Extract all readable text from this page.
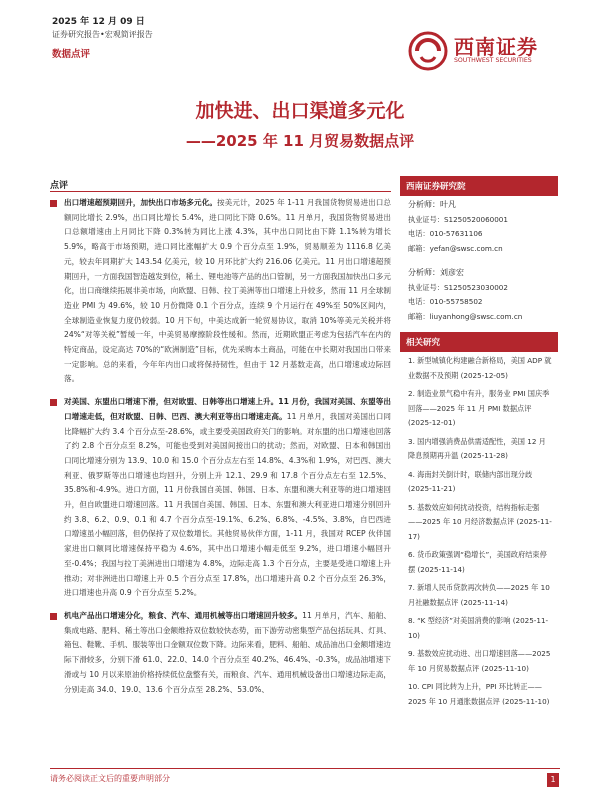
2025 年 12 月 09 日
证券研究报告•宏观简评报告
数据点评	西南证券
SOUTHWEST SECURITIES
加快进、出口渠道多元化
——2025 年 11 月贸易数据点评
点评
出口增速超预期回升，加快出口市场多元化。按美元计，2025 年 1-11 月我国货物贸易进出口总额同比增长 2.9%，出口同比增长 5.4%，进口同比下降 0.6%。11 月单月，我国货物贸易进出口总额增速由上月同比下降 0.3%转为同比上涨 4.3%，其中出口同比由下降 1.1%转为增长 5.9%，略高于市场预期，进口同比涨幅扩大 0.9 个百分点至 1.9%，贸易顺差为 1116.8 亿美元，较去年同期扩大 143.54 亿美元，较 10 月环比扩大约 216.06 亿美元。11 月出口增速超预期回升，一方面我国智造越发到位，稀土、锂电池等产品的出口管制，另一方面我国加快出口多元化，出口商继续拓展非美市场，向欧盟、日韩、拉丁美洲等出口增速上升较多，然而 11 月全球制造业 PMI 为 49.6%，较 10 月份微降 0.1 个百分点，连续 9 个月运行在 49%至 50%区间内，全球制造业恢复力度仍较弱。10 月下旬，中美达成新一轮贸易协议，取消 10%等美元关税并将 24%“对等关税”暂缓一年，中美贸易摩擦阶段性缓和。然而，近期欧盟正考虑为包括汽车在内的特定商品，设定高达 70%的“欧洲制造”目标，优先采购本土商品，可能在中长期对我国出口带来一定影响。总的来看，今年年内出口或将保持韧性，但由于 12 月基数走高，出口增速或边际回落。
对美国、东盟出口增速下滑，但对欧盟、日韩等出口增速上升。11 月份，我国对美国、东盟等出口增速走低，但对欧盟、日韩、巴西、澳大利亚等出口增速走高。11 月单月，我国对美国出口同比降幅扩大约 3.4 个百分点至-28.6%，或主要受美国政府关门的影响。对东盟的出口增速也回落了约 2.8 个百分点至 8.2%，可能也受到对美国间接出口的扰动；然而，对欧盟、日本和韩国出口同比增速分别为 13.9、10.0 和 15.0 个百分点左右至 14.8%、4.3%和 1.9%，对巴西、澳大利亚、俄罗斯等出口增速也均回升，分别上升 12.1、29.9 和 17.8 个百分点左右至 12.5%、35.8%和-4.9%。进口方面，11 月份我国自美国、韩国、日本、东盟和澳大利亚等的进口增速回升，但自欧盟进口增速回落。11 月我国自美国、韩国、日本、东盟和澳大利亚进口增速分别回升约 3.8、6.2、0.9、0.1 和 4.7 个百分点至-19.1%、6.2%、6.8%、-4.5%、3.8%，自巴西进口增速虽小幅回落，但仍保持了双位数增长。其他贸易伙伴方面，1-11 月，我国对 RCEP 伙伴国家进出口额同比增速保持平稳为 4.6%，其中出口增速小幅走低至 9.2%，进口增速小幅回升至-0.4%；我国与拉丁美洲进出口增速为 4.8%，边际走高 1.3 个百分点，主要是受进口增速上升推动；对非洲进出口增速上升 0.5 个百分点至 17.8%，出口增速升高 0.2 个百分点至 26.3%，进口增速也升高 0.9 个百分点至 5.2%。
机电产品出口增速分化，粮食、汽车、通用机械等出口增速回升较多。11 月单月，汽车、船舶、集成电路、肥料、稀土等出口金额维持双位数较快态势，而下游劳动密集型产品包括玩具、灯具、箱包、鞋靴、手机、服装等出口金额双位数下降。边际来看，肥料、船舶、成品油出口金额增速边际下滑较多，分别下滑 61.0、22.0、14.0 个百分点至 40.2%、46.4%、-0.3%，成品油增速下滑或与 10 月以来原油价格持续低位盘整有关，而粮食、汽车、通用机械设备出口增速边际走高，分别走高 34.0、19.0、13.6 个百分点至 28.2%、53.0%、
西南证券研究院
分析师：叶凡
执业证号：S1250520060001
电话：010-57631106
邮箱：yefan@swsc.com.cn
分析师：刘彦宏
执业证号：S1250523030002
电话：010-55758502
邮箱：liuyanhong@swsc.com.cn
相关研究
1. 新型城镇化构建融合新格局，美国 ADP 就业数据不及预期 (2025-12-05)
2. 制造业景气稳中有升，服务业 PMI 国庆季回落——2025 年 11 月 PMI 数据点评 (2025-12-01)
3. 国内增强消费品供需适配性，美国 12 月降息预期再升温 (2025-11-28)
4. 海南封关倒计时，联储内部出现分歧 (2025-11-21)
5. 基数效应如何扰动投资，结构指标走强——2025 年 10 月经济数据点评 (2025-11-17)
6. 货币政策强调“稳增长”，美国政府结束停摆 (2025-11-14)
7. 新增人民币贷款再次转负——2025 年 10 月社融数据点评 (2025-11-14)
8. “K 型经济”对美国消费的影响 (2025-11-10)
9. 基数效应扰动进、出口增速回落——2025 年 10 月贸易数据点评 (2025-11-10)
10. CPI 同比转为上升，PPI 环比转正——2025 年 10 月通胀数据点评 (2025-11-10)
请务必阅读正文后的重要声明部分	1
